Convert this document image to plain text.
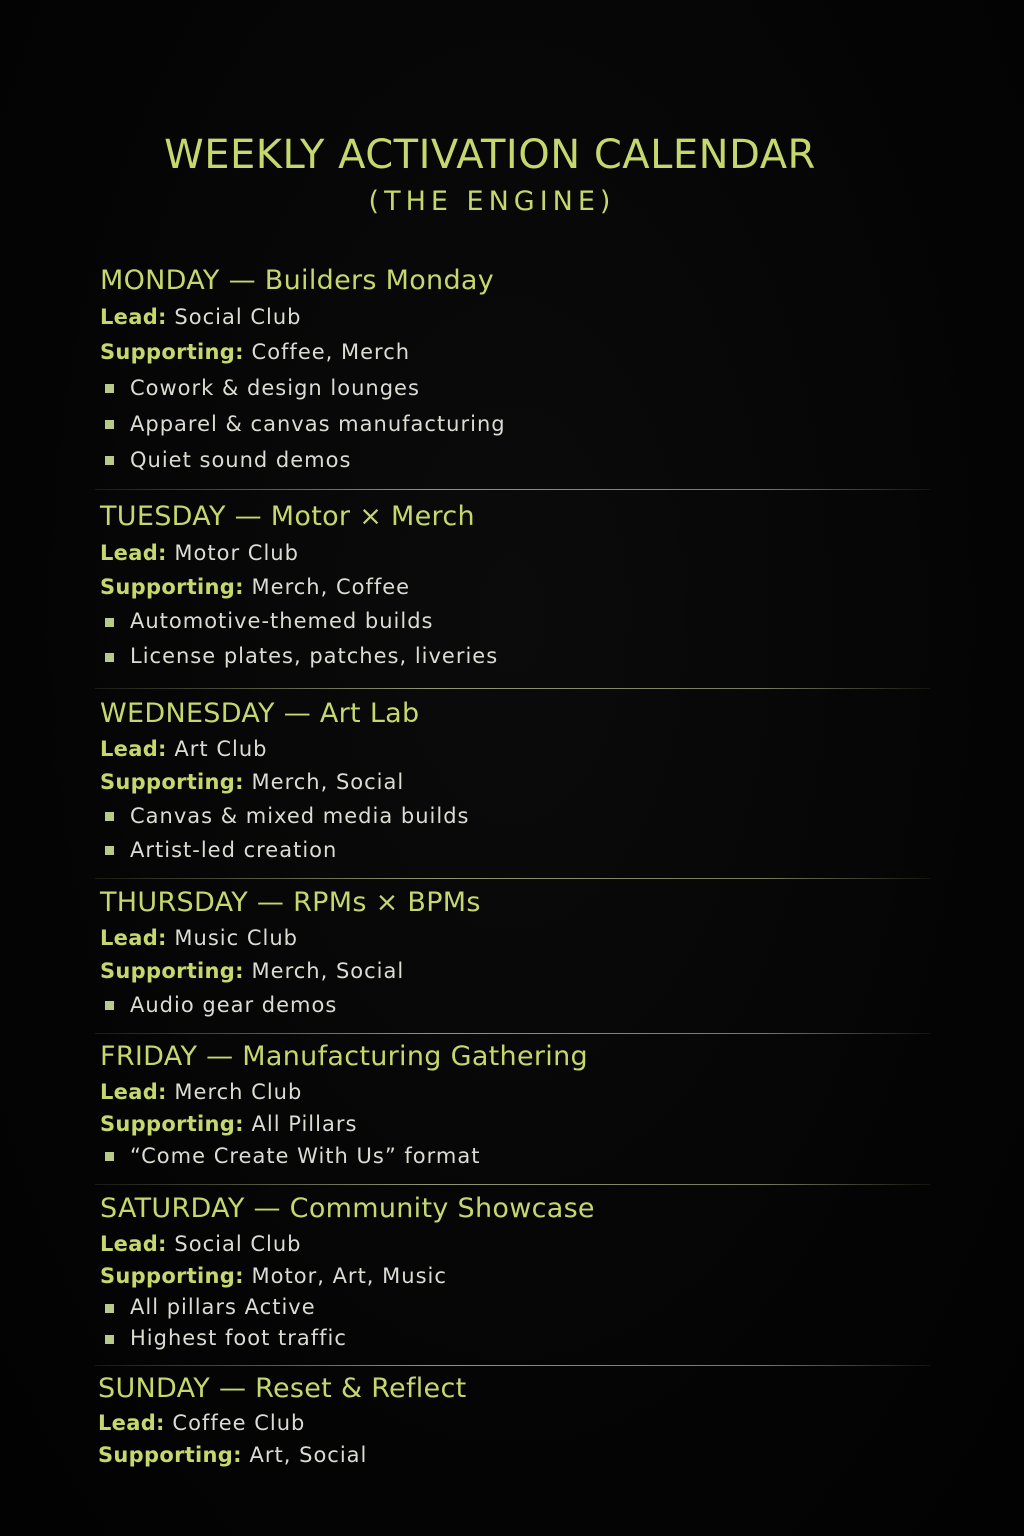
WEEKLY ACTIVATION CALENDAR
(THE ENGINE)
MONDAY — Builders Monday
Lead: Social Club
Supporting: Coffee, Merch
Cowork & design lounges
Apparel & canvas manufacturing
Quiet sound demos
TUESDAY — Motor × Merch
Lead: Motor Club
Supporting: Merch, Coffee
Automotive-themed builds
License plates, patches, liveries
WEDNESDAY — Art Lab
Lead: Art Club
Supporting: Merch, Social
Canvas & mixed media builds
Artist-led creation
THURSDAY — RPMs × BPMs
Lead: Music Club
Supporting: Merch, Social
Audio gear demos
FRIDAY — Manufacturing Gathering
Lead: Merch Club
Supporting: All Pillars
“Come Create With Us” format
SATURDAY — Community Showcase
Lead: Social Club
Supporting: Motor, Art, Music
All pillars Active
Highest foot traffic
SUNDAY — Reset & Reflect
Lead: Coffee Club
Supporting: Art, Social
